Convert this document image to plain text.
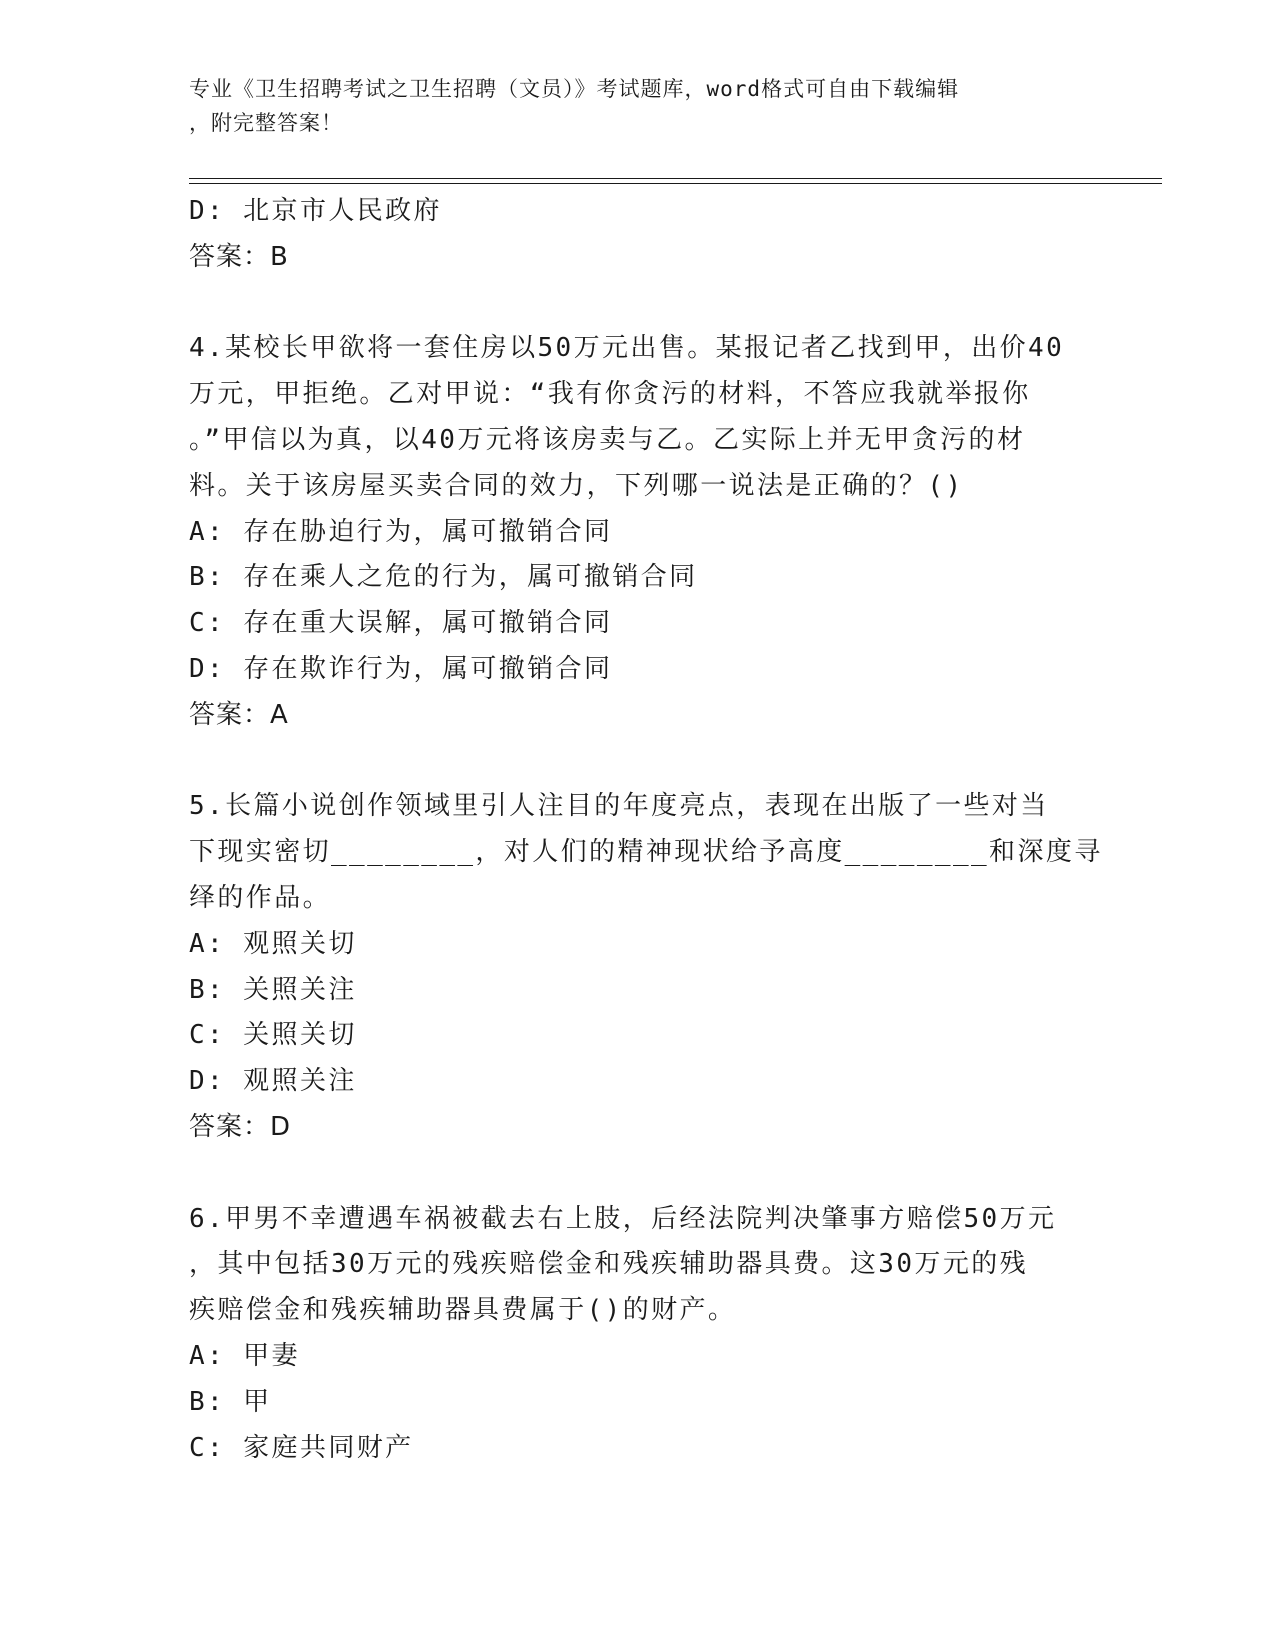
专业《卫生招聘考试之卫生招聘（文员）》考试题库，word格式可自由下载编辑
，附完整答案！

D: 北京市人民政府

答案：B

4.某校长甲欲将一套住房以50万元出售。某报记者乙找到甲，出价40

万元，甲拒绝。乙对甲说：“我有你贪污的材料，不答应我就举报你

。”甲信以为真，以40万元将该房卖与乙。乙实际上并无甲贪污的材

料。关于该房屋买卖合同的效力，下列哪一说法是正确的？()

A: 存在胁迫行为，属可撤销合同

B: 存在乘人之危的行为，属可撤销合同

C: 存在重大误解，属可撤销合同

D: 存在欺诈行为，属可撤销合同

答案：A

5.长篇小说创作领域里引人注目的年度亮点，表现在出版了一些对当

下现实密切________，对人们的精神现状给予高度________和深度寻

绎的作品。

A: 观照关切

B: 关照关注

C: 关照关切

D: 观照关注

答案：D

6.甲男不幸遭遇车祸被截去右上肢，后经法院判决肇事方赔偿50万元

，其中包括30万元的残疾赔偿金和残疾辅助器具费。这30万元的残

疾赔偿金和残疾辅助器具费属于()的财产。

A: 甲妻

B: 甲

C: 家庭共同财产
